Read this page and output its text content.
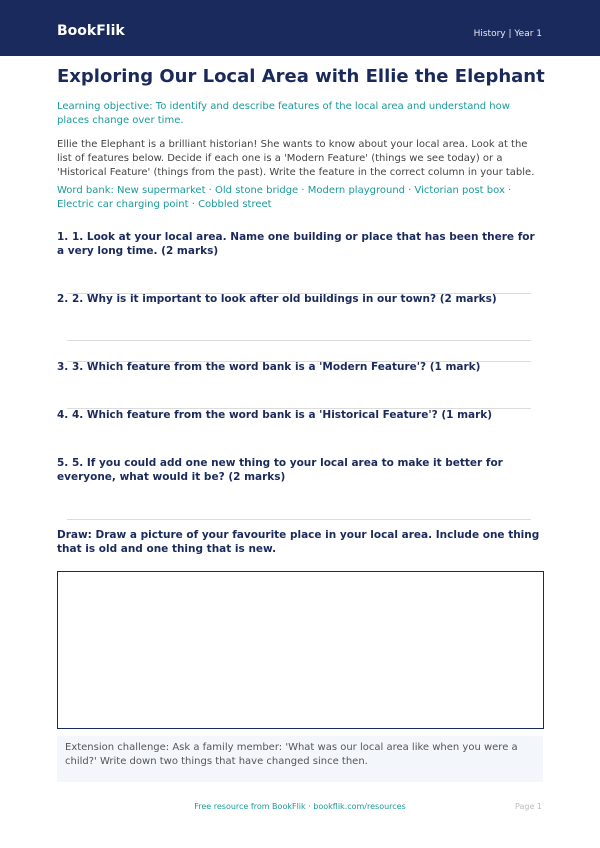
BookFlik	History | Year 1
Exploring Our Local Area with Ellie the Elephant
Learning objective: To identify and describe features of the local area and understand how places change over time.
Ellie the Elephant is a brilliant historian! She wants to know about your local area. Look at the list of features below. Decide if each one is a 'Modern Feature' (things we see today) or a 'Historical Feature' (things from the past). Write the feature in the correct column in your table.
Word bank: New supermarket · Old stone bridge · Modern playground · Victorian post box · Electric car charging point · Cobbled street
1. 1. Look at your local area. Name one building or place that has been there for a very long time. (2 marks)
2. 2. Why is it important to look after old buildings in our town? (2 marks)
3. 3. Which feature from the word bank is a 'Modern Feature'? (1 mark)
4. 4. Which feature from the word bank is a 'Historical Feature'? (1 mark)
5. 5. If you could add one new thing to your local area to make it better for everyone, what would it be? (2 marks)
Draw: Draw a picture of your favourite place in your local area. Include one thing that is old and one thing that is new.
Extension challenge: Ask a family member: 'What was our local area like when you were a child?' Write down two things that have changed since then.
Free resource from BookFlik · bookflik.com/resources	Page 1
